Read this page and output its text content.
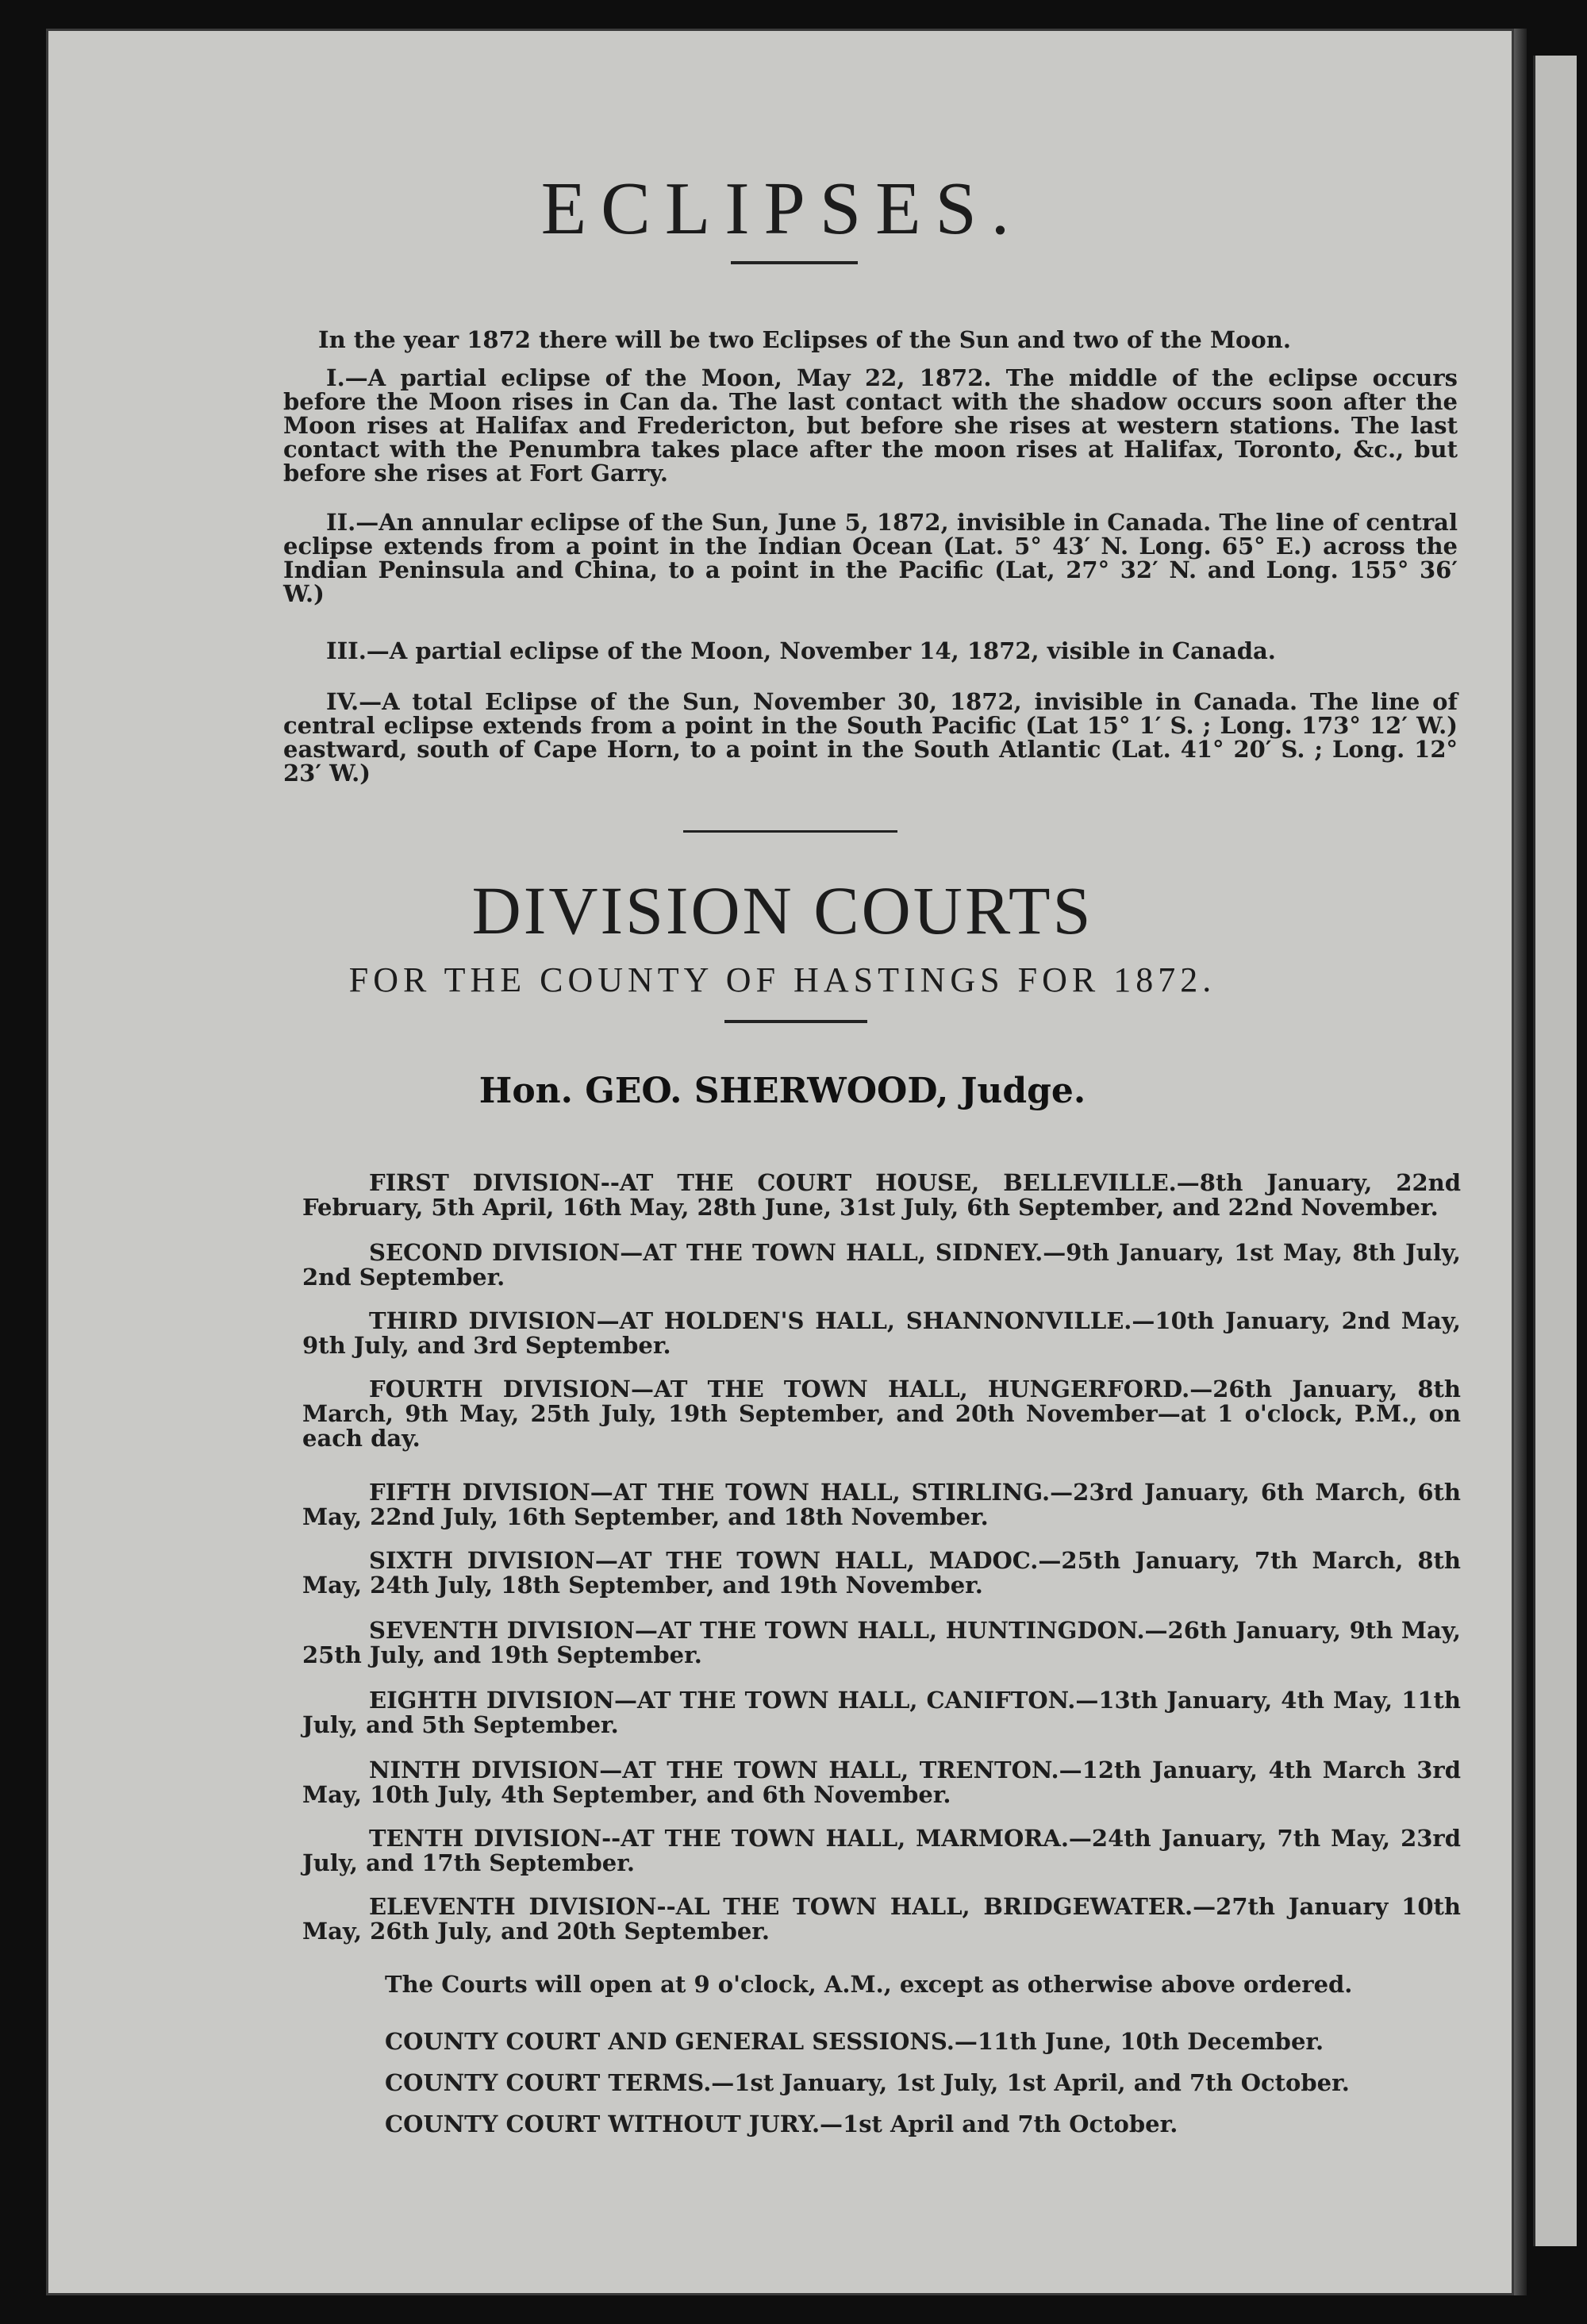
ECLIPSES.
In the year 1872 there will be two Eclipses of the Sun and two of the Moon.
I.—A partial eclipse of the Moon, May 22, 1872. The middle of the eclipse occurs before the Moon rises in Can da. The last contact with the shadow occurs soon after the Moon rises at Halifax and Fredericton, but before she rises at western stations. The last contact with the Penumbra takes place after the moon rises at Halifax, Toronto, &c., but before she rises at Fort Garry.
II.—An annular eclipse of the Sun, June 5, 1872, invisible in Canada. The line of central eclipse extends from a point in the Indian Ocean (Lat. 5° 43′ N. Long. 65° E.) across the Indian Peninsula and China, to a point in the Pacific (Lat, 27° 32′ N. and Long. 155° 36′ W.)
III.—A partial eclipse of the Moon, November 14, 1872, visible in Canada.
IV.—A total Eclipse of the Sun, November 30, 1872, invisible in Canada. The line of central eclipse extends from a point in the South Pacific (Lat 15° 1′ S. ; Long. 173° 12′ W.) eastward, south of Cape Horn, to a point in the South Atlantic (Lat. 41° 20′ S. ; Long. 12° 23′ W.)
DIVISION COURTS
FOR THE COUNTY OF HASTINGS FOR 1872.
Hon. GEO. SHERWOOD, Judge.
FIRST DIVISION--AT THE COURT HOUSE, BELLEVILLE.—8th January, 22nd February, 5th April, 16th May, 28th June, 31st July, 6th September, and 22nd November.
SECOND DIVISION—AT THE TOWN HALL, SIDNEY.—9th January, 1st May, 8th July, 2nd September.
THIRD DIVISION—AT HOLDEN'S HALL, SHANNONVILLE.—10th January, 2nd May, 9th July, and 3rd September.
FOURTH DIVISION—AT THE TOWN HALL, HUNGERFORD.—26th January, 8th March, 9th May, 25th July, 19th September, and 20th November—at 1 o'clock, P.M., on each day.
FIFTH DIVISION—AT THE TOWN HALL, STIRLING.—23rd January, 6th March, 6th May, 22nd July, 16th September, and 18th November.
SIXTH DIVISION—AT THE TOWN HALL, MADOC.—25th January, 7th March, 8th May, 24th July, 18th September, and 19th November.
SEVENTH DIVISION—AT THE TOWN HALL, HUNTINGDON.—26th January, 9th May, 25th July, and 19th September.
EIGHTH DIVISION—AT THE TOWN HALL, CANIFTON.—13th January, 4th May, 11th July, and 5th September.
NINTH DIVISION—AT THE TOWN HALL, TRENTON.—12th January, 4th March 3rd May, 10th July, 4th September, and 6th November.
TENTH DIVISION--AT THE TOWN HALL, MARMORA.—24th January, 7th May, 23rd July, and 17th September.
ELEVENTH DIVISION--AL THE TOWN HALL, BRIDGEWATER.—27th January 10th May, 26th July, and 20th September.
The Courts will open at 9 o'clock, A.M., except as otherwise above ordered.
COUNTY COURT AND GENERAL SESSIONS.—11th June, 10th December.
COUNTY COURT TERMS.—1st January, 1st July, 1st April, and 7th October.
COUNTY COURT WITHOUT JURY.—1st April and 7th October.
